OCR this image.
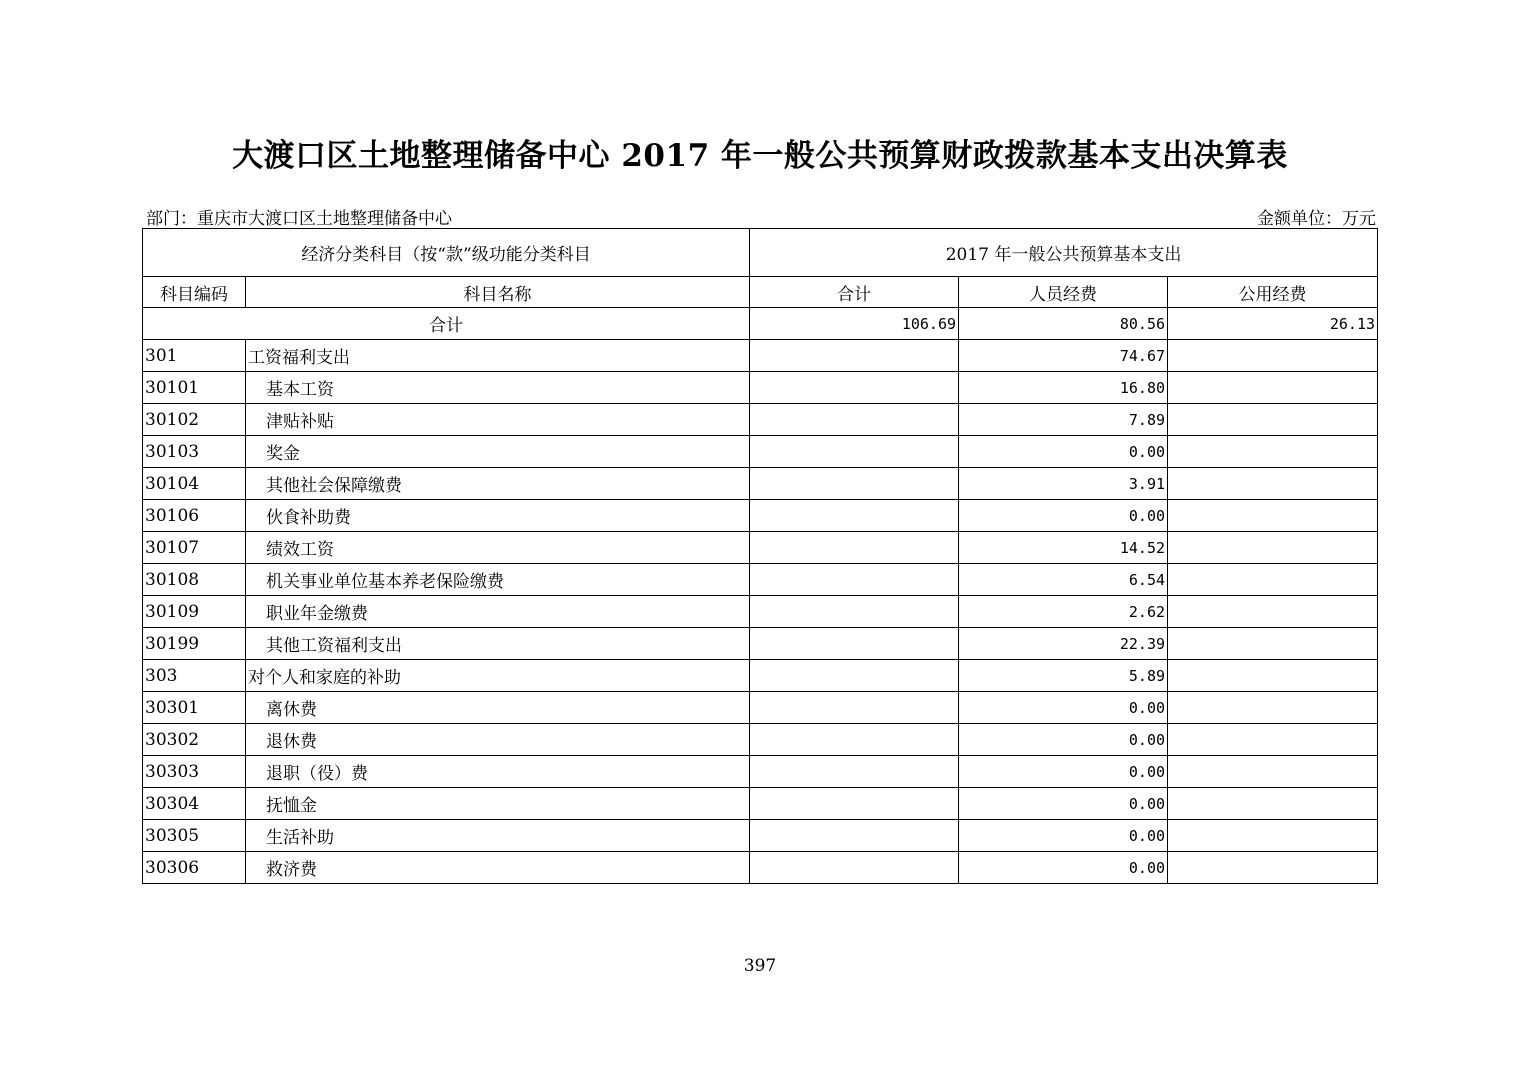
大渡口区土地整理储备中心 2017 年一般公共预算财政拨款基本支出决算表
部门：重庆市大渡口区土地整理储备中心	金额单位：万元
经济分类科目（按“款”级功能分类科目		2017 年一般公共预算基本支出		
科目编码	科目名称	合计	人员经费	公用经费
合计		106.69	80.56	26.13
301	工资福利支出		74.67	
30101	基本工资		16.80	
30102	津贴补贴		7.89	
30103	奖金		0.00	
30104	其他社会保障缴费		3.91	
30106	伙食补助费		0.00	
30107	绩效工资		14.52	
30108	机关事业单位基本养老保险缴费		6.54	
30109	职业年金缴费		2.62	
30199	其他工资福利支出		22.39	
303	对个人和家庭的补助		5.89	
30301	离休费		0.00	
30302	退休费		0.00	
30303	退职（役）费		0.00	
30304	抚恤金		0.00	
30305	生活补助		0.00	
30306	救济费		0.00	
397
